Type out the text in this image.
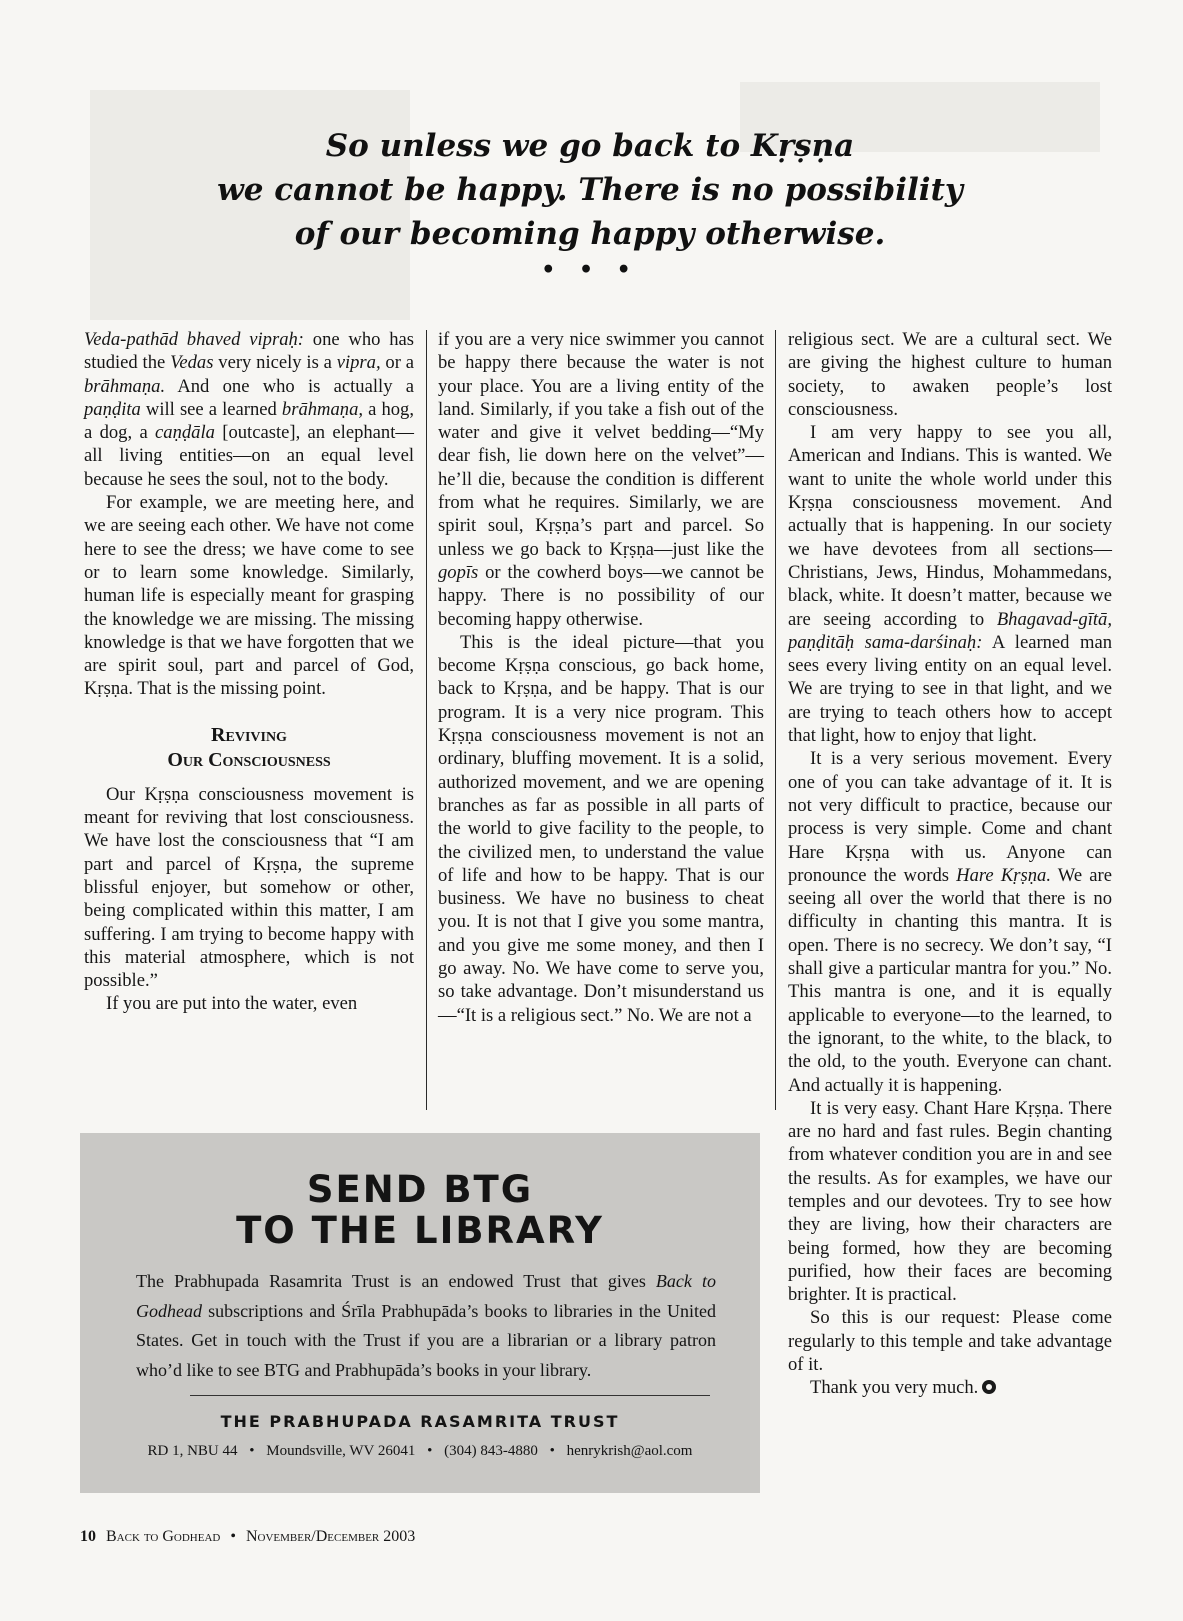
So unless we go back to Kṛṣṇa
we cannot be happy. There is no possibility
of our becoming happy otherwise.
• • •

Veda-pathād bhaved vipraḥ: one who has studied the Vedas very nicely is a vipra, or a brāhmaṇa. And one who is actually a paṇḍita will see a learned brāhmaṇa, a hog, a dog, a caṇḍāla [outcaste], an elephant—all living entities—on an equal level because he sees the soul, not to the body.

For example, we are meeting here, and we are seeing each other. We have not come here to see the dress; we have come to see or to learn some knowledge. Similarly, human life is especially meant for grasping the knowledge we are missing. The missing knowledge is that we have forgotten that we are spirit soul, part and parcel of God, Kṛṣṇa. That is the missing point.

Reviving
Our Consciousness

Our Kṛṣṇa consciousness movement is meant for reviving that lost consciousness. We have lost the consciousness that “I am part and parcel of Kṛṣṇa, the supreme blissful enjoyer, but somehow or other, being complicated within this matter, I am suffering. I am trying to become happy with this material atmosphere, which is not possible.”

If you are put into the water, even

if you are a very nice swimmer you cannot be happy there because the water is not your place. You are a living entity of the land. Similarly, if you take a fish out of the water and give it velvet bedding—“My dear fish, lie down here on the velvet”—he’ll die, because the condition is different from what he requires. Similarly, we are spirit soul, Kṛṣṇa’s part and parcel. So unless we go back to Kṛṣṇa—just like the gopīs or the cowherd boys—we cannot be happy. There is no possibility of our becoming happy otherwise.

This is the ideal picture—that you become Kṛṣṇa conscious, go back home, back to Kṛṣṇa, and be happy. That is our program. It is a very nice program. This Kṛṣṇa consciousness movement is not an ordinary, bluffing movement. It is a solid, authorized movement, and we are opening branches as far as possible in all parts of the world to give facility to the people, to the civilized men, to understand the value of life and how to be happy. That is our business. We have no business to cheat you. It is not that I give you some mantra, and you give me some money, and then I go away. No. We have come to serve you, so take advantage. Don’t misunderstand us—“It is a religious sect.” No. We are not a

religious sect. We are a cultural sect. We are giving the highest culture to human society, to awaken people’s lost consciousness.

I am very happy to see you all, American and Indians. This is wanted. We want to unite the whole world under this Kṛṣṇa consciousness movement. And actually that is happening. In our society we have devotees from all sections—Christians, Jews, Hindus, Mohammedans, black, white. It doesn’t matter, because we are seeing according to Bhagavad-gītā, paṇḍitāḥ sama-darśinaḥ: A learned man sees every living entity on an equal level. We are trying to see in that light, and we are trying to teach others how to accept that light, how to enjoy that light.

It is a very serious movement. Every one of you can take advantage of it. It is not very difficult to practice, because our process is very simple. Come and chant Hare Kṛṣṇa with us. Anyone can pronounce the words Hare Kṛṣṇa. We are seeing all over the world that there is no difficulty in chanting this mantra. It is open. There is no secrecy. We don’t say, “I shall give a particular mantra for you.” No. This mantra is one, and it is equally applicable to everyone—to the learned, to the ignorant, to the white, to the black, to the old, to the youth. Everyone can chant. And actually it is happening.

It is very easy. Chant Hare Kṛṣṇa. There are no hard and fast rules. Begin chanting from whatever condition you are in and see the results. As for examples, we have our temples and our devotees. Try to see how they are living, how their characters are being formed, how they are becoming purified, how their faces are becoming brighter. It is practical.

So this is our request: Please come regularly to this temple and take advantage of it.

Thank you very much.

SEND BTG
TO THE LIBRARY
The Prabhupada Rasamrita Trust is an endowed Trust that gives Back to Godhead subscriptions and Śrīla Prabhupāda’s books to libraries in the United States. Get in touch with the Trust if you are a librarian or a library patron who’d like to see BTG and Prabhupāda’s books in your library.
THE PRABHUPADA RASAMRITA TRUST
RD 1, NBU 44 • Moundsville, WV 26041 • (304) 843-4880 • henrykrish@aol.com
10 Back to Godhead • November/December 2003
